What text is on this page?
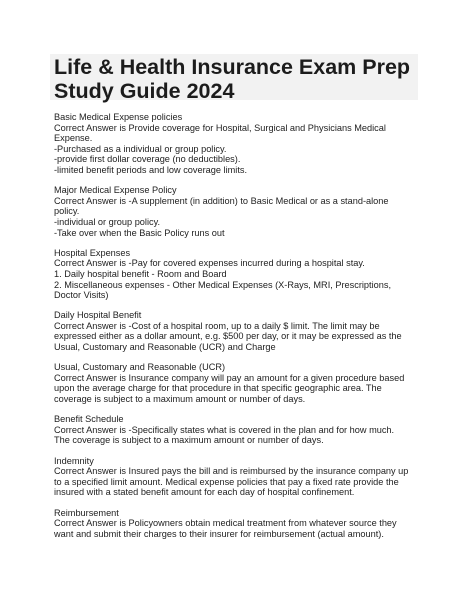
Life & Health Insurance Exam Prep
Study Guide 2024
Basic Medical Expense policies
Correct Answer is Provide coverage for Hospital, Surgical and Physicians Medical
Expense.
-Purchased as a individual or group policy.
-provide first dollar coverage (no deductibles).
-limited benefit periods and low coverage limits.
Major Medical Expense Policy
Correct Answer is -A supplement (in addition) to Basic Medical or as a stand-alone
policy.
-individual or group policy.
-Take over when the Basic Policy runs out
Hospital Expenses
Correct Answer is -Pay for covered expenses incurred during a hospital stay.
1. Daily hospital benefit - Room and Board
2. Miscellaneous expenses - Other Medical Expenses (X-Rays, MRI, Prescriptions,
Doctor Visits)
Daily Hospital Benefit
Correct Answer is -Cost of a hospital room, up to a daily $ limit. The limit may be
expressed either as a dollar amount, e.g. $500 per day, or it may be expressed as the
Usual, Customary and Reasonable (UCR) and Charge
Usual, Customary and Reasonable (UCR)
Correct Answer is Insurance company will pay an amount for a given procedure based
upon the average charge for that procedure in that specific geographic area. The
coverage is subject to a maximum amount or number of days.
Benefit Schedule
Correct Answer is -Specifically states what is covered in the plan and for how much.
The coverage is subject to a maximum amount or number of days.
Indemnity
Correct Answer is Insured pays the bill and is reimbursed by the insurance company up
to a specified limit amount. Medical expense policies that pay a fixed rate provide the
insured with a stated benefit amount for each day of hospital confinement.
Reimbursement
Correct Answer is Policyowners obtain medical treatment from whatever source they
want and submit their charges to their insurer for reimbursement (actual amount).
